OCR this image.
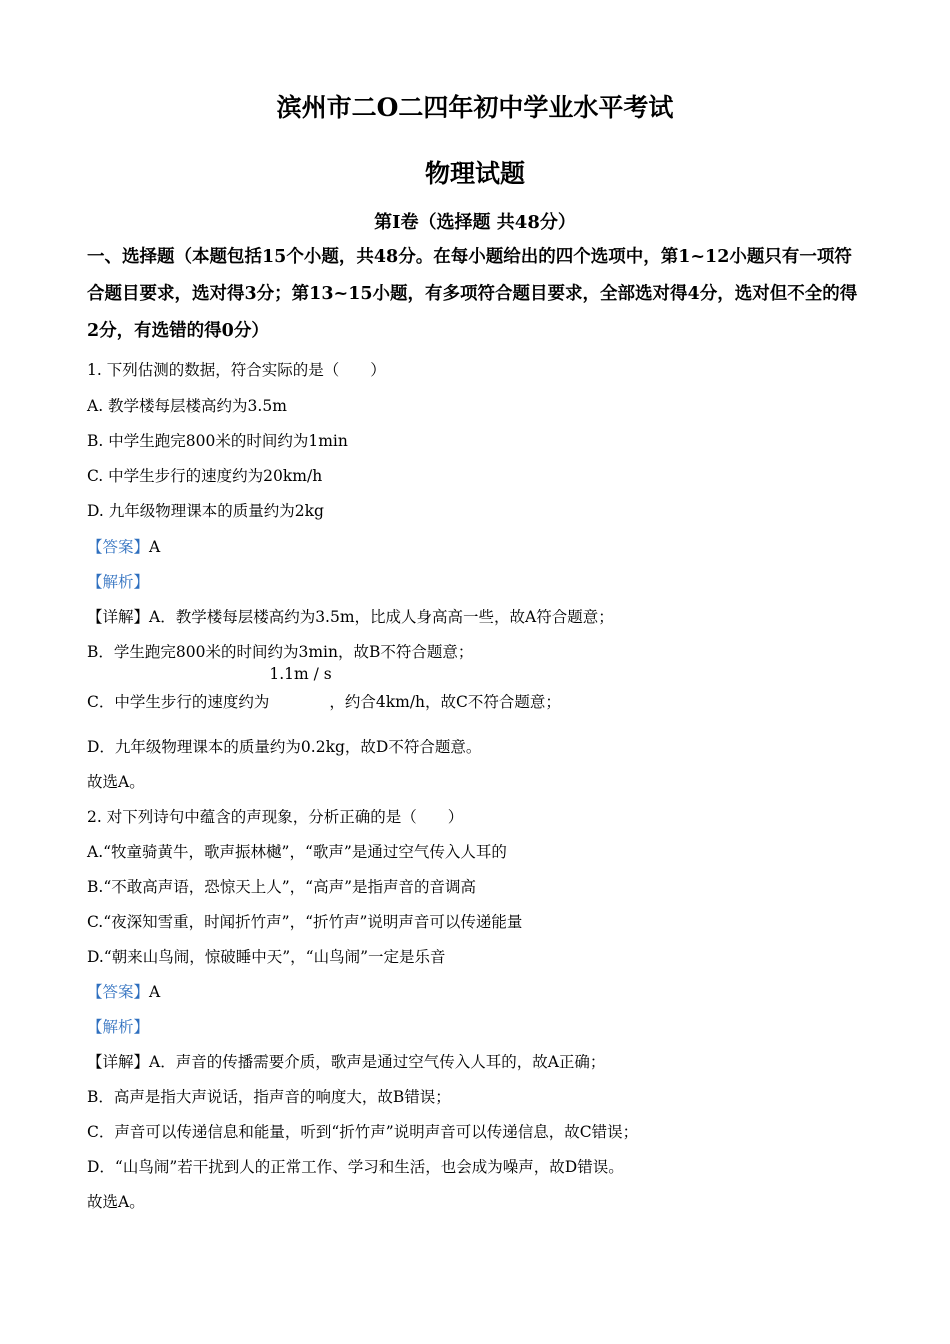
滨州市二O二四年初中学业水平考试
物理试题
第Ⅰ卷（选择题 共48分）
一、选择题（本题包括15个小题，共48分。在每小题给出的四个选项中，第1~12小题只有一项符合题目要求，选对得3分；第13~15小题，有多项符合题目要求，全部选对得4分，选对但不全的得2分，有选错的得0分）
1. 下列估测的数据，符合实际的是（　　）
A. 教学楼每层楼高约为3.5m
B. 中学生跑完800米的时间约为1min
C. 中学生步行的速度约为20km/h
D. 九年级物理课本的质量约为2kg
【答案】A
【解析】
【详解】A．教学楼每层楼高约为3.5m，比成人身高高一些，故A符合题意；
B．学生跑完800米的时间约为3min，故B不符合题意；
C．中学生步行的速度约为
1.1m / s
，约合4km/h，故C不符合题意；
D．九年级物理课本的质量约为0.2kg，故D不符合题意。
故选A。
2. 对下列诗句中蕴含的声现象，分析正确的是（　　）
A.“牧童骑黄牛，歌声振林樾”，“歌声”是通过空气传入人耳的
B.“不敢高声语，恐惊天上人”，“高声”是指声音的音调高
C.“夜深知雪重，时闻折竹声”，“折竹声”说明声音可以传递能量
D.“朝来山鸟闹，惊破睡中天”，“山鸟闹”一定是乐音
【答案】A
【解析】
【详解】A．声音的传播需要介质，歌声是通过空气传入人耳的，故A正确；
B．高声是指大声说话，指声音的响度大，故B错误；
C．声音可以传递信息和能量，听到“折竹声”说明声音可以传递信息，故C错误；
D．“山鸟闹”若干扰到人的正常工作、学习和生活，也会成为噪声，故D错误。
故选A。
